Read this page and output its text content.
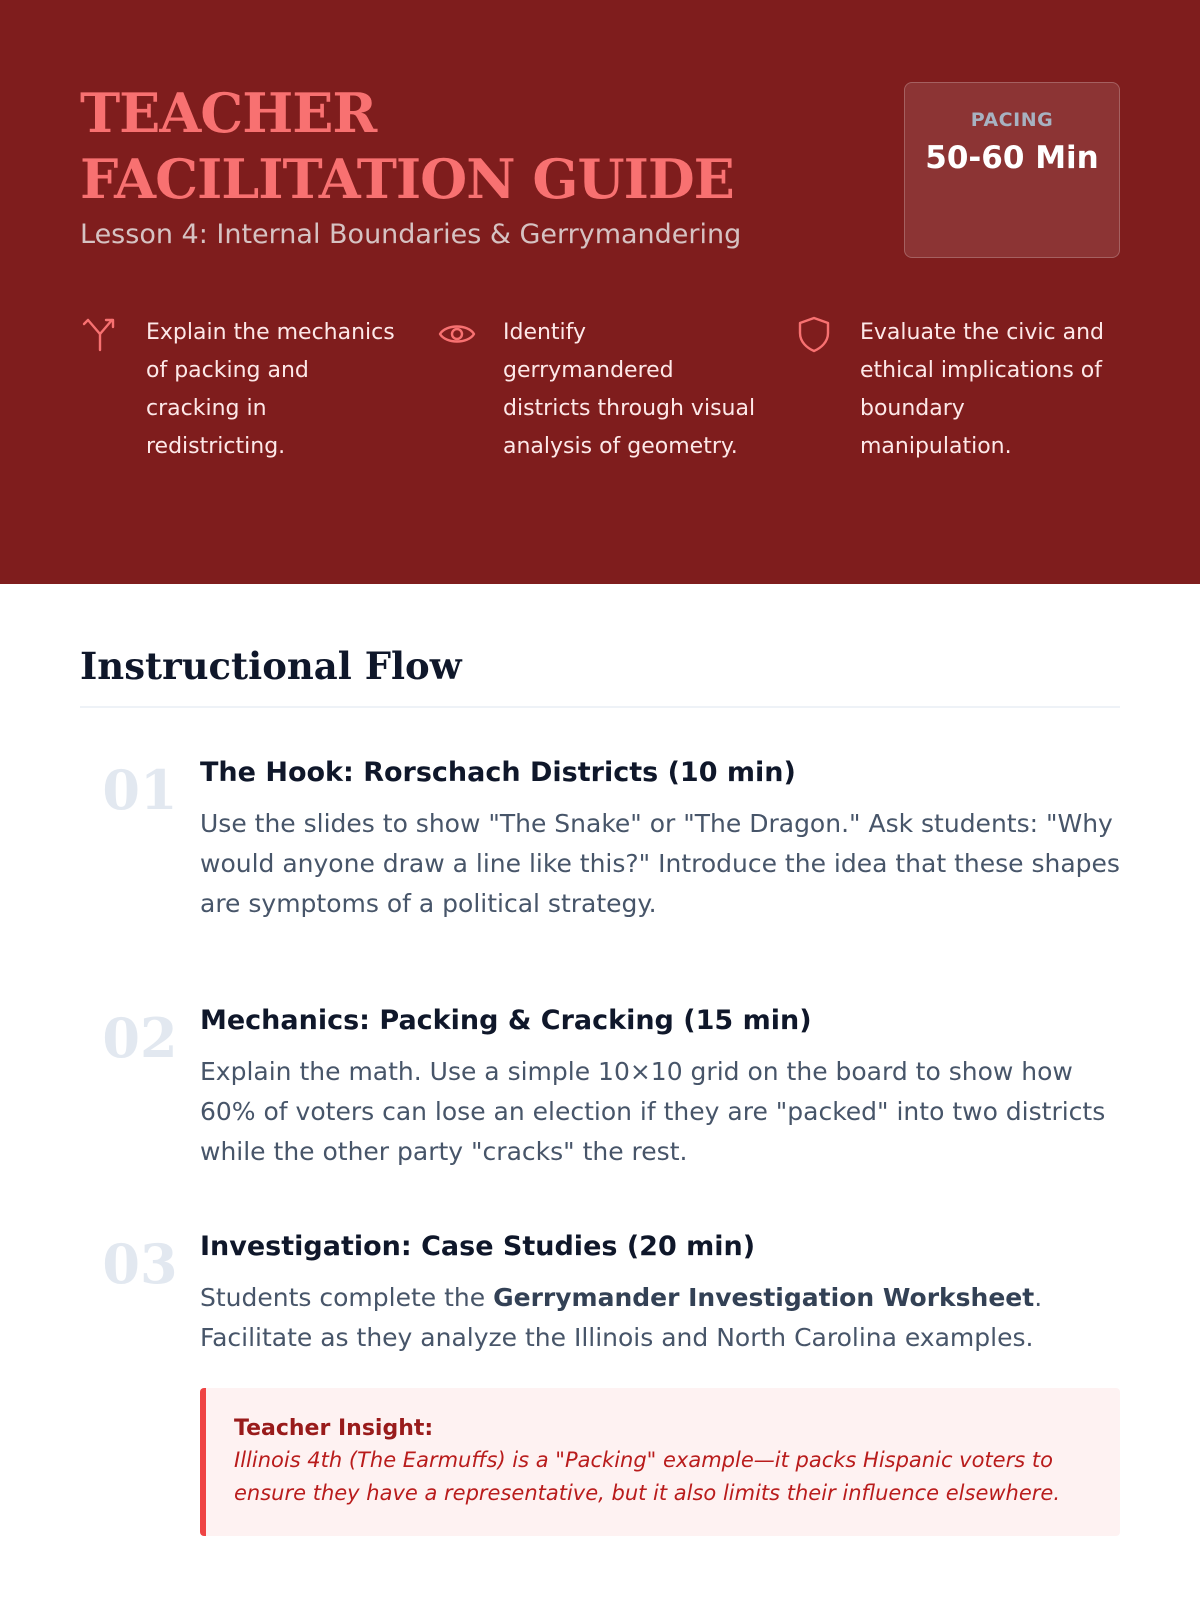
TEACHER FACILITATION GUIDE
Lesson 4: Internal Boundaries & Gerrymandering
PACING
50-60 Min
Explain the mechanics of packing and cracking in redistricting.
Identify gerrymandered districts through visual analysis of geometry.
Evaluate the civic and ethical implications of boundary manipulation.
Instructional Flow
01 The Hook: Rorschach Districts (10 min)

Use the slides to show "The Snake" or "The Dragon." Ask students: "Why would anyone draw a line like this?" Introduce the idea that these shapes are symptoms of a political strategy.

02 Mechanics: Packing & Cracking (15 min)

Explain the math. Use a simple 10×10 grid on the board to show how 60% of voters can lose an election if they are "packed" into two districts while the other party "cracks" the rest.

03 Investigation: Case Studies (20 min)

Students complete the Gerrymander Investigation Worksheet. Facilitate as they analyze the Illinois and North Carolina examples.

Teacher Insight:
Illinois 4th (The Earmuffs) is a "Packing" example—it packs Hispanic voters to ensure they have a representative, but it also limits their influence elsewhere.
